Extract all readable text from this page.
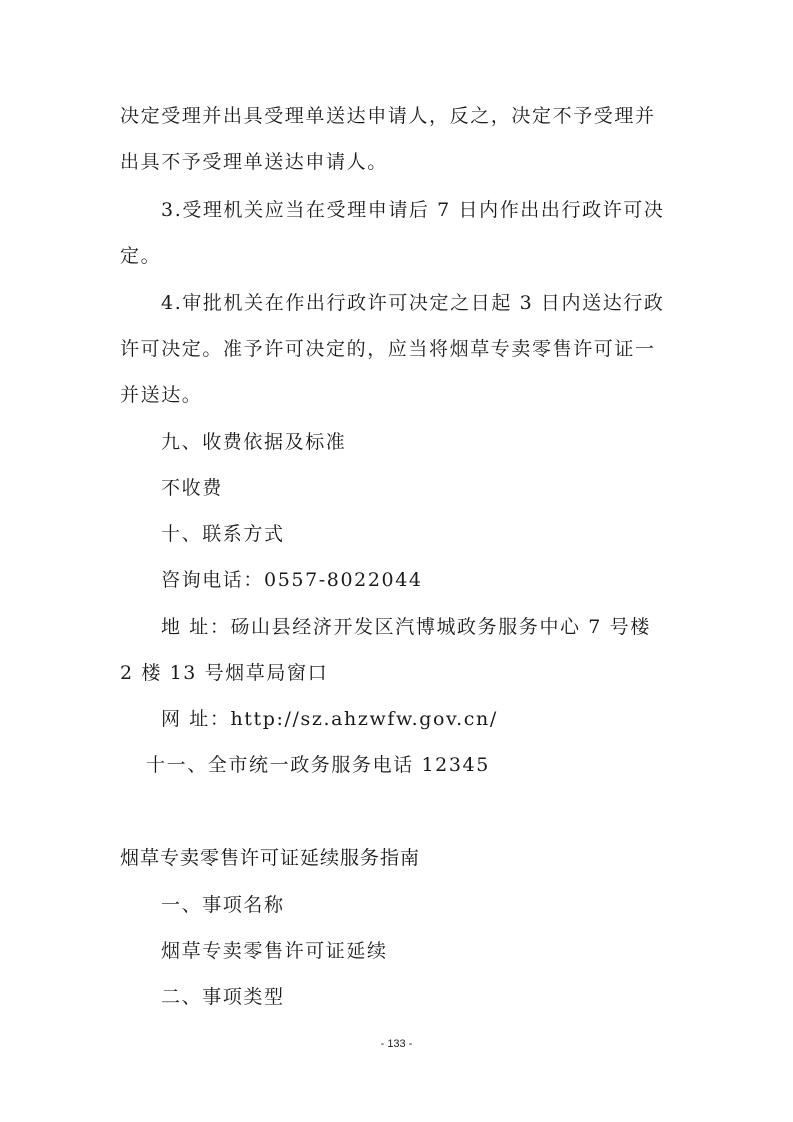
决定受理并出具受理单送达申请人，反之，决定不予受理并
出具不予受理单送达申请人。
3.受理机关应当在受理申请后 7 日内作出出行政许可决
定。
4.审批机关在作出行政许可决定之日起 3 日内送达行政
许可决定。准予许可决定的，应当将烟草专卖零售许可证一
并送达。
九、收费依据及标准
不收费
十、联系方式
咨询电话：0557-8022044
地 址：砀山县经济开发区汽博城政务服务中心 7 号楼
2 楼 13 号烟草局窗口
网 址：http://sz.ahzwfw.gov.cn/
十一、全市统一政务服务电话 12345
烟草专卖零售许可证延续服务指南
一、事项名称
烟草专卖零售许可证延续
二、事项类型
- 133 -
